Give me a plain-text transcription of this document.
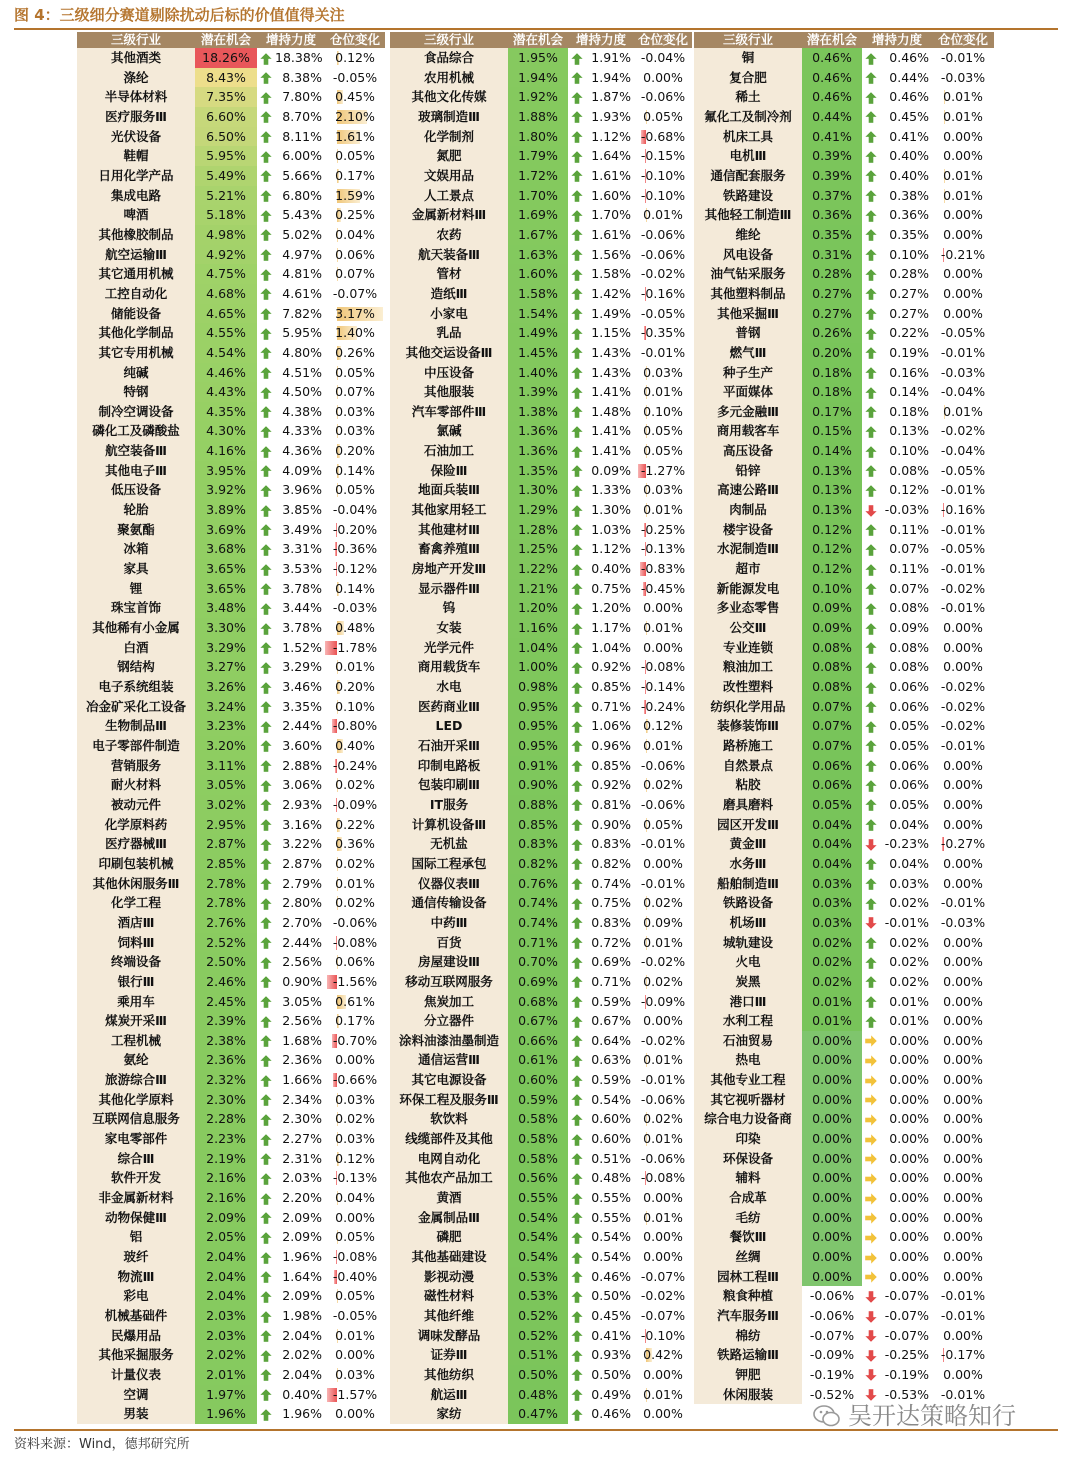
图 4：三级细分赛道剔除扰动后标的价值值得关注
三级行业	潜在机会	增持力度		仓位变化
其他酒类	18.26%		18.38%	0.12%
涤纶	8.43%		8.38%	-0.05%
半导体材料	7.35%		7.80%	0.45%
医疗服务Ⅲ	6.60%		8.70%	2.10%
光伏设备	6.50%		8.11%	1.61%
鞋帽	5.95%		6.00%	0.05%
日用化学产品	5.49%		5.66%	0.17%
集成电路	5.21%		6.80%	1.59%
啤酒	5.18%		5.43%	0.25%
其他橡胶制品	4.98%		5.02%	0.04%
航空运输Ⅲ	4.92%		4.97%	0.06%
其它通用机械	4.75%		4.81%	0.07%
工控自动化	4.68%		4.61%	-0.07%
储能设备	4.65%		7.82%	3.17%
其他化学制品	4.55%		5.95%	1.40%
其它专用机械	4.54%		4.80%	0.26%
纯碱	4.46%		4.51%	0.05%
特钢	4.43%		4.50%	0.07%
制冷空调设备	4.35%		4.38%	0.03%
磷化工及磷酸盐	4.30%		4.33%	0.03%
航空装备Ⅲ	4.16%		4.36%	0.20%
其他电子Ⅲ	3.95%		4.09%	0.14%
低压设备	3.92%		3.96%	0.05%
轮胎	3.89%		3.85%	-0.04%
聚氨酯	3.69%		3.49%	-0.20%
冰箱	3.68%		3.31%	-0.36%
家具	3.65%		3.53%	-0.12%
锂	3.65%		3.78%	0.14%
珠宝首饰	3.48%		3.44%	-0.03%
其他稀有小金属	3.30%		3.78%	0.48%
白酒	3.29%		1.52%	-1.78%
钢结构	3.27%		3.29%	0.01%
电子系统组装	3.26%		3.46%	0.20%
冶金矿采化工设备	3.24%		3.35%	0.10%
生物制品Ⅲ	3.23%		2.44%	-0.80%
电子零部件制造	3.20%		3.60%	0.40%
营销服务	3.11%		2.88%	-0.24%
耐火材料	3.05%		3.06%	0.02%
被动元件	3.02%		2.93%	-0.09%
化学原料药	2.95%		3.16%	0.22%
医疗器械Ⅲ	2.87%		3.22%	0.36%
印刷包装机械	2.85%		2.87%	0.02%
其他休闲服务Ⅲ	2.78%		2.79%	0.01%
化学工程	2.78%		2.80%	0.02%
酒店Ⅲ	2.76%		2.70%	-0.06%
饲料Ⅲ	2.52%		2.44%	-0.08%
终端设备	2.50%		2.56%	0.06%
银行Ⅲ	2.46%		0.90%	-1.56%
乘用车	2.45%		3.05%	0.61%
煤炭开采Ⅲ	2.39%		2.56%	0.17%
工程机械	2.38%		1.68%	-0.70%
氨纶	2.36%		2.36%	0.00%
旅游综合Ⅲ	2.32%		1.66%	-0.66%
其他化学原料	2.30%		2.34%	0.03%
互联网信息服务	2.28%		2.30%	0.02%
家电零部件	2.23%		2.27%	0.03%
综合Ⅲ	2.19%		2.31%	0.12%
软件开发	2.16%		2.03%	-0.13%
非金属新材料	2.16%		2.20%	0.04%
动物保健Ⅲ	2.09%		2.09%	0.00%
铝	2.05%		2.09%	0.05%
玻纤	2.04%		1.96%	-0.08%
物流Ⅲ	2.04%		1.64%	-0.40%
彩电	2.04%		2.09%	0.05%
机械基础件	2.03%		1.98%	-0.05%
民爆用品	2.03%		2.04%	0.01%
其他采掘服务	2.02%		2.02%	0.00%
计量仪表	2.01%		2.04%	0.03%
空调	1.97%		0.40%	-1.57%
男装	1.96%		1.96%	0.00%
三级行业	潜在机会	增持力度		仓位变化
食品综合	1.95%		1.91%	-0.04%
农用机械	1.94%		1.94%	0.00%
其他文化传媒	1.92%		1.87%	-0.06%
玻璃制造Ⅲ	1.88%		1.93%	0.05%
化学制剂	1.80%		1.12%	-0.68%
氮肥	1.79%		1.64%	-0.15%
文娱用品	1.72%		1.61%	-0.10%
人工景点	1.70%		1.60%	-0.10%
金属新材料Ⅲ	1.69%		1.70%	0.01%
农药	1.67%		1.61%	-0.06%
航天装备Ⅲ	1.63%		1.56%	-0.06%
管材	1.60%		1.58%	-0.02%
造纸Ⅲ	1.58%		1.42%	-0.16%
小家电	1.54%		1.49%	-0.05%
乳品	1.49%		1.15%	-0.35%
其他交运设备Ⅲ	1.45%		1.43%	-0.01%
中压设备	1.40%		1.43%	0.03%
其他服装	1.39%		1.41%	0.01%
汽车零部件Ⅲ	1.38%		1.48%	0.10%
氯碱	1.36%		1.41%	0.05%
石油加工	1.36%		1.41%	0.05%
保险Ⅲ	1.35%		0.09%	-1.27%
地面兵装Ⅲ	1.30%		1.33%	0.03%
其他家用轻工	1.29%		1.30%	0.01%
其他建材Ⅲ	1.28%		1.03%	-0.25%
畜禽养殖Ⅲ	1.25%		1.12%	-0.13%
房地产开发Ⅲ	1.22%		0.40%	-0.83%
显示器件Ⅲ	1.21%		0.75%	-0.45%
钨	1.20%		1.20%	0.00%
女装	1.16%		1.17%	0.01%
光学元件	1.04%		1.04%	0.00%
商用载货车	1.00%		0.92%	-0.08%
水电	0.98%		0.85%	-0.14%
医药商业Ⅲ	0.95%		0.71%	-0.24%
LED	0.95%		1.06%	0.12%
石油开采Ⅲ	0.95%		0.96%	0.01%
印制电路板	0.91%		0.85%	-0.06%
包装印刷Ⅲ	0.90%		0.92%	0.02%
IT服务	0.88%		0.81%	-0.06%
计算机设备Ⅲ	0.85%		0.90%	0.05%
无机盐	0.83%		0.83%	-0.01%
国际工程承包	0.82%		0.82%	0.00%
仪器仪表Ⅲ	0.76%		0.74%	-0.01%
通信传输设备	0.74%		0.75%	0.02%
中药Ⅲ	0.74%		0.83%	0.09%
百货	0.71%		0.72%	0.01%
房屋建设Ⅲ	0.70%		0.69%	-0.02%
移动互联网服务	0.69%		0.71%	0.02%
焦炭加工	0.68%		0.59%	-0.09%
分立器件	0.67%		0.67%	0.00%
涂料油漆油墨制造	0.66%		0.64%	-0.02%
通信运营Ⅲ	0.61%		0.63%	0.01%
其它电源设备	0.60%		0.59%	-0.01%
环保工程及服务Ⅲ	0.59%		0.54%	-0.06%
软饮料	0.58%		0.60%	0.02%
线缆部件及其他	0.58%		0.60%	0.01%
电网自动化	0.58%		0.51%	-0.06%
其他农产品加工	0.56%		0.48%	-0.08%
黄酒	0.55%		0.55%	0.00%
金属制品Ⅲ	0.54%		0.55%	0.01%
磷肥	0.54%		0.54%	0.00%
其他基础建设	0.54%		0.54%	0.00%
影视动漫	0.53%		0.46%	-0.07%
磁性材料	0.53%		0.50%	-0.02%
其他纤维	0.52%		0.45%	-0.07%
调味发酵品	0.52%		0.41%	-0.10%
证券Ⅲ	0.51%		0.93%	0.42%
其他纺织	0.50%		0.50%	0.00%
航运Ⅲ	0.48%		0.49%	0.01%
家纺	0.47%		0.46%	0.00%
三级行业	潜在机会	增持力度		仓位变化
铜	0.46%		0.46%	-0.01%
复合肥	0.46%		0.44%	-0.03%
稀土	0.46%		0.46%	0.01%
氟化工及制冷剂	0.44%		0.45%	0.01%
机床工具	0.41%		0.41%	0.00%
电机Ⅲ	0.39%		0.40%	0.00%
通信配套服务	0.39%		0.40%	0.01%
铁路建设	0.37%		0.38%	0.01%
其他轻工制造Ⅲ	0.36%		0.36%	0.00%
维纶	0.35%		0.35%	0.00%
风电设备	0.31%		0.10%	-0.21%
油气钻采服务	0.28%		0.28%	0.00%
其他塑料制品	0.27%		0.27%	0.00%
其他采掘Ⅲ	0.27%		0.27%	0.00%
普钢	0.26%		0.22%	-0.05%
燃气Ⅲ	0.20%		0.19%	-0.01%
种子生产	0.18%		0.16%	-0.03%
平面媒体	0.18%		0.14%	-0.04%
多元金融Ⅲ	0.17%		0.18%	0.01%
商用载客车	0.15%		0.13%	-0.02%
高压设备	0.14%		0.10%	-0.04%
铅锌	0.13%		0.08%	-0.05%
高速公路Ⅲ	0.13%		0.12%	-0.01%
肉制品	0.13%		-0.03%	-0.16%
楼宇设备	0.12%		0.11%	-0.01%
水泥制造Ⅲ	0.12%		0.07%	-0.05%
超市	0.12%		0.11%	-0.01%
新能源发电	0.10%		0.07%	-0.02%
多业态零售	0.09%		0.08%	-0.01%
公交Ⅲ	0.09%		0.09%	0.00%
专业连锁	0.08%		0.08%	0.00%
粮油加工	0.08%		0.08%	0.00%
改性塑料	0.08%		0.06%	-0.02%
纺织化学用品	0.07%		0.06%	-0.02%
装修装饰Ⅲ	0.07%		0.05%	-0.02%
路桥施工	0.07%		0.05%	-0.01%
自然景点	0.06%		0.06%	0.00%
粘胶	0.06%		0.06%	0.00%
磨具磨料	0.05%		0.05%	0.00%
园区开发Ⅲ	0.04%		0.04%	0.00%
黄金Ⅲ	0.04%		-0.23%	-0.27%
水务Ⅲ	0.04%		0.04%	0.00%
船舶制造Ⅲ	0.03%		0.03%	0.00%
铁路设备	0.03%		0.02%	-0.01%
机场Ⅲ	0.03%		-0.01%	-0.03%
城轨建设	0.02%		0.02%	0.00%
火电	0.02%		0.02%	0.00%
炭黑	0.02%		0.02%	0.00%
港口Ⅲ	0.01%		0.01%	0.00%
水利工程	0.01%		0.01%	0.00%
石油贸易	0.00%		0.00%	0.00%
热电	0.00%		0.00%	0.00%
其他专业工程	0.00%		0.00%	0.00%
其它视听器材	0.00%		0.00%	0.00%
综合电力设备商	0.00%		0.00%	0.00%
印染	0.00%		0.00%	0.00%
环保设备	0.00%		0.00%	0.00%
辅料	0.00%		0.00%	0.00%
合成革	0.00%		0.00%	0.00%
毛纺	0.00%		0.00%	0.00%
餐饮Ⅲ	0.00%		0.00%	0.00%
丝绸	0.00%		0.00%	0.00%
园林工程Ⅲ	0.00%		0.00%	0.00%
粮食种植	-0.06%		-0.07%	-0.01%
汽车服务Ⅲ	-0.06%		-0.07%	-0.01%
棉纺	-0.07%		-0.07%	0.00%
铁路运输Ⅲ	-0.09%		-0.25%	-0.17%
钾肥	-0.19%		-0.19%	0.00%
休闲服装	-0.52%		-0.53%	-0.01%
资料来源：Wind，德邦研究所
吴开达策略知行
